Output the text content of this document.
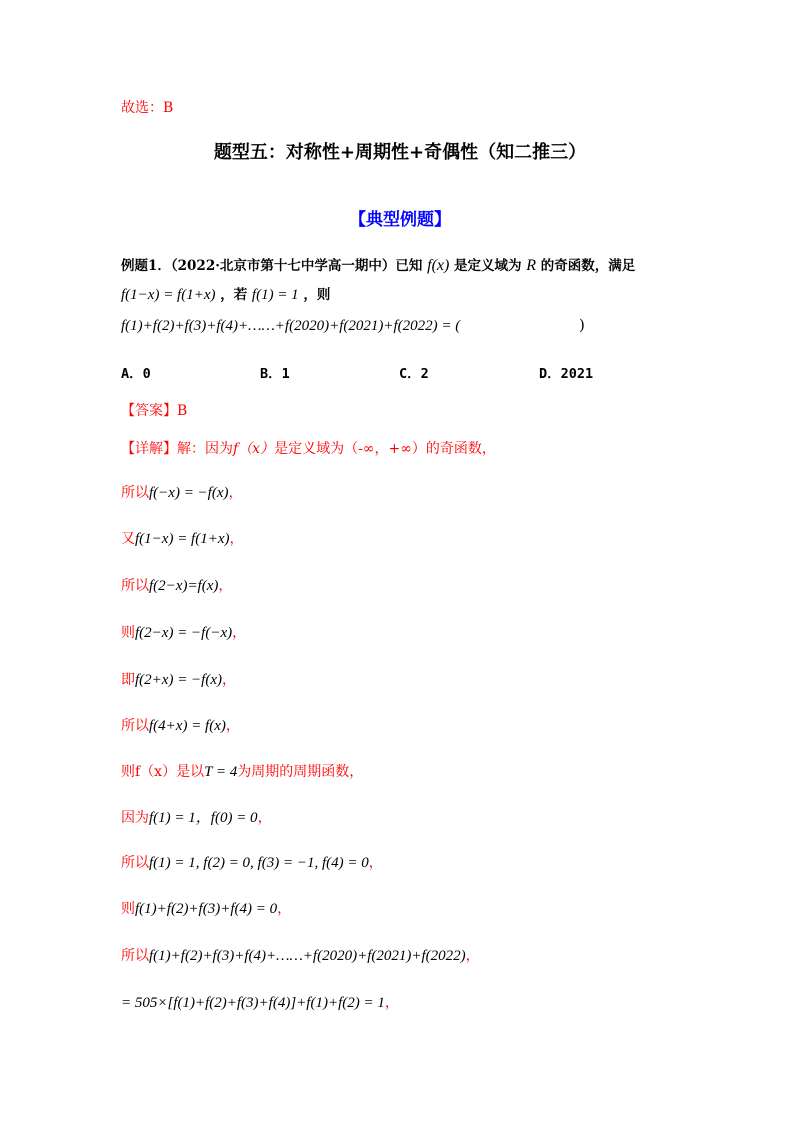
故选：B
题型五：对称性+周期性+奇偶性（知二推三）
【典型例题】
例题1．（2022·北京市第十七中学高一期中）已知 f(x) 是定义域为 R 的奇函数，满足
f(1−x) = f(1+x) ，若 f(1) = 1 ，则
f(1)+f(2)+f(3)+f(4)+……+f(2020)+f(2021)+f(2022) = (	)
A．0	B．1	C．2	D．2021
【答案】B
【详解】解：因为f（x）是定义域为（-∞，+∞）的奇函数，
所以f(−x) = −f(x)，
又f(1−x) = f(1+x)，
所以f(2−x)=f(x)，
则f(2−x) = −f(−x)，
即f(2+x) = −f(x)，
所以f(4+x) = f(x)，
则f（x）是以T = 4为周期的周期函数，
因为f(1) = 1，f(0) = 0，
所以f(1) = 1, f(2) = 0, f(3) = −1, f(4) = 0，
则f(1)+f(2)+f(3)+f(4) = 0，
所以f(1)+f(2)+f(3)+f(4)+……+f(2020)+f(2021)+f(2022)，
= 505×[f(1)+f(2)+f(3)+f(4)]+f(1)+f(2) = 1，
